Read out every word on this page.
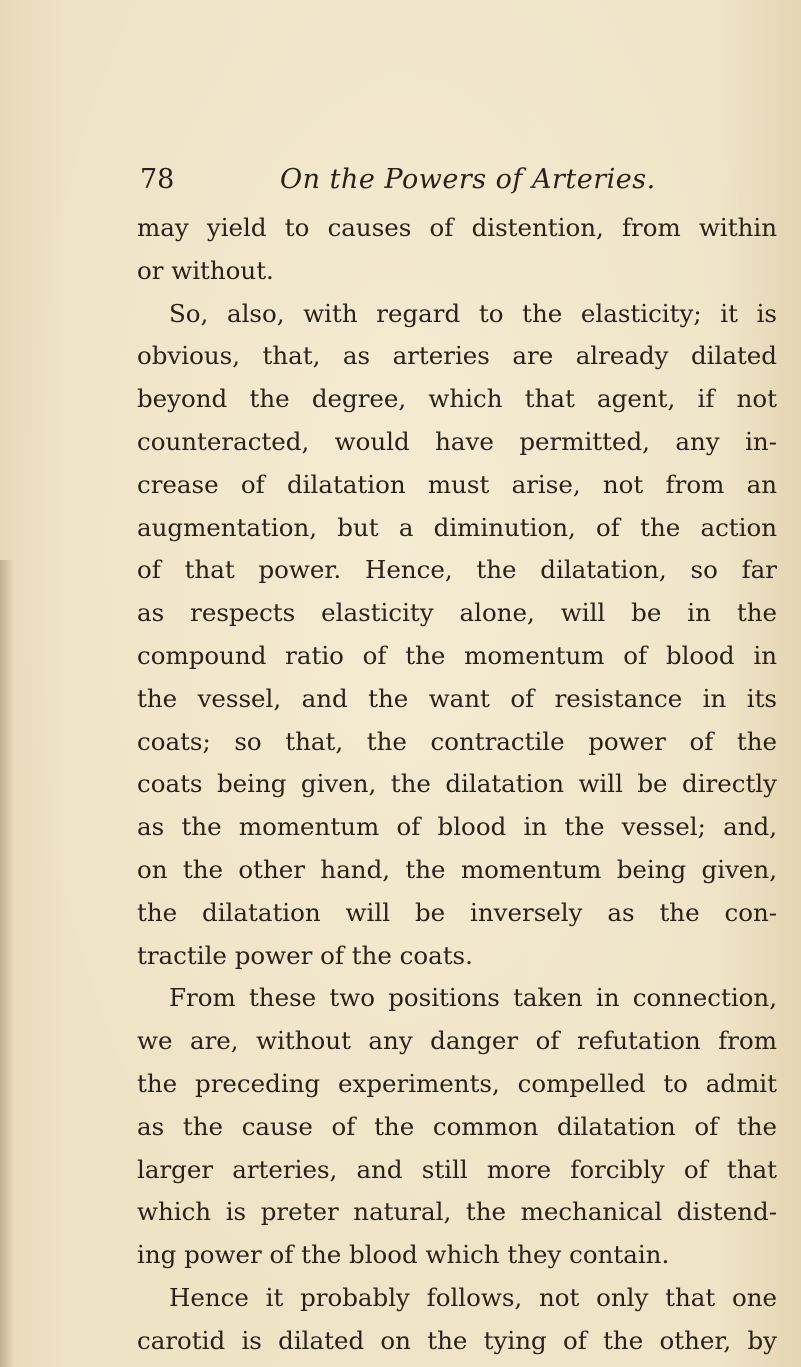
78	On the Powers of Arteries.
may yield to causes of distention, from within
or without.
So, also, with regard to the elasticity; it is
obvious, that, as arteries are already dilated
beyond the degree, which that agent, if not
counteracted, would have permitted, any in-
crease of dilatation must arise, not from an
augmentation, but a diminution, of the action
of that power. Hence, the dilatation, so far
as respects elasticity alone, will be in the
compound ratio of the momentum of blood in
the vessel, and the want of resistance in its
coats; so that, the contractile power of the
coats being given, the dilatation will be directly
as the momentum of blood in the vessel; and,
on the other hand, the momentum being given,
the dilatation will be inversely as the con-
tractile power of the coats.
From these two positions taken in connection,
we are, without any danger of refutation from
the preceding experiments, compelled to admit
as the cause of the common dilatation of the
larger arteries, and still more forcibly of that
which is preter natural, the mechanical distend-
ing power of the blood which they contain.
Hence it probably follows, not only that one
carotid is dilated on the tying of the other, by
